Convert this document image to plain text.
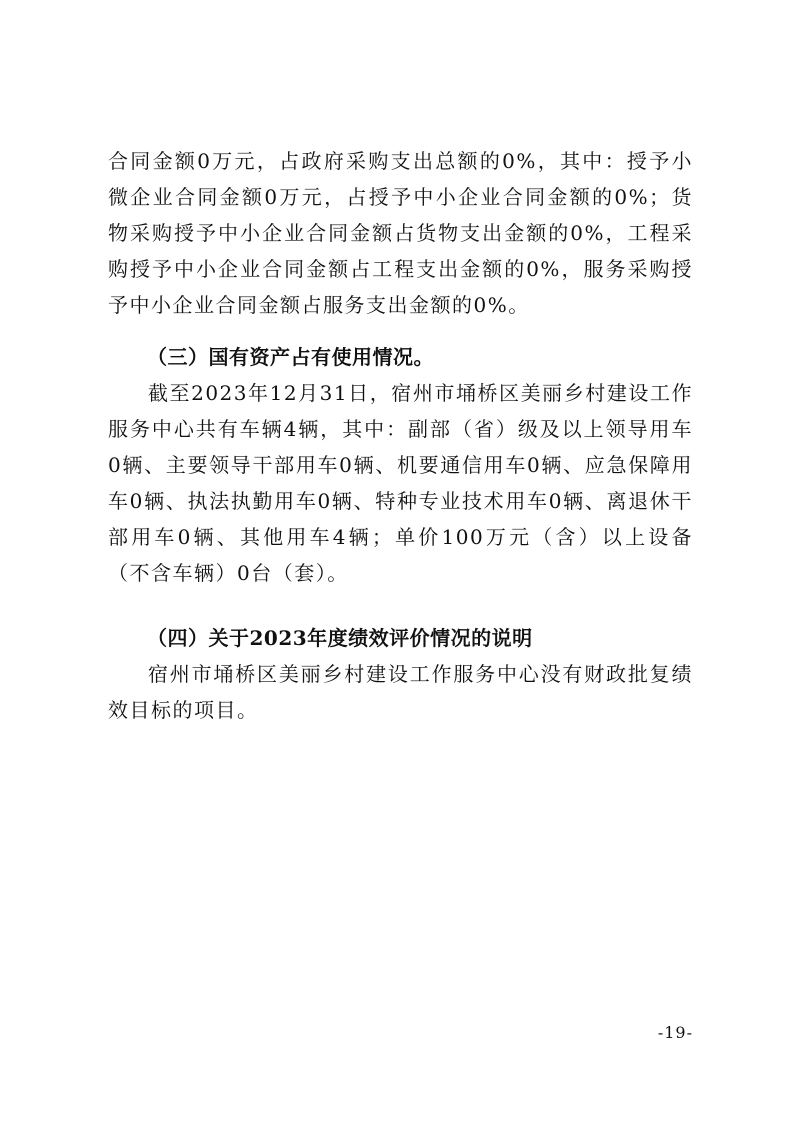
合同金额0万元，占政府采购支出总额的0%，其中：授予小微企业合同金额0万元，占授予中小企业合同金额的0%；货物采购授予中小企业合同金额占货物支出金额的0%，工程采购授予中小企业合同金额占工程支出金额的0%，服务采购授予中小企业合同金额占服务支出金额的0%。

（三）国有资产占有使用情况。

截至2023年12月31日，宿州市埇桥区美丽乡村建设工作服务中心共有车辆4辆，其中：副部（省）级及以上领导用车0辆、主要领导干部用车0辆、机要通信用车0辆、应急保障用车0辆、执法执勤用车0辆、特种专业技术用车0辆、离退休干部用车0辆、其他用车4辆；单价100万元（含）以上设备（不含车辆）0台（套）。

（四）关于2023年度绩效评价情况的说明

宿州市埇桥区美丽乡村建设工作服务中心没有财政批复绩效目标的项目。

-19-
